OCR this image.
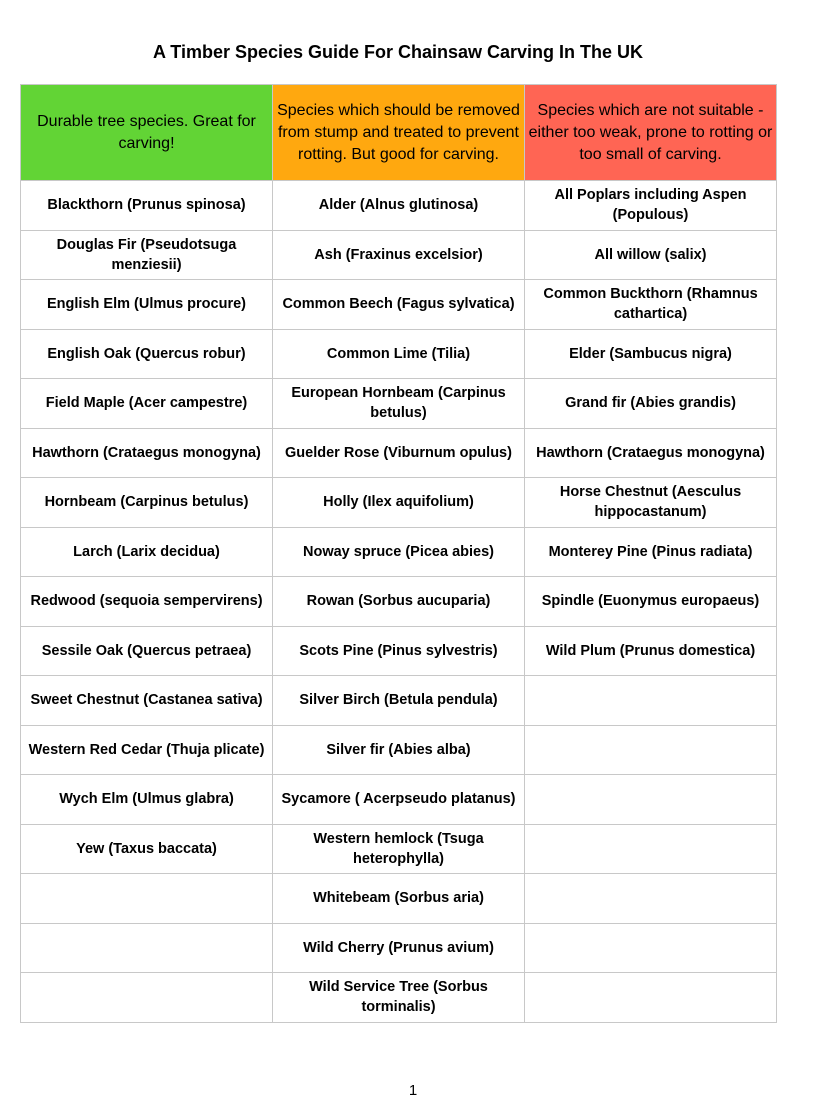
A Timber Species Guide For Chainsaw Carving In The UK
Durable tree species. Great for carving!	Species which should be removed from stump and treated to prevent rotting. But good for carving.	Species which are not suitable - either too weak, prone to rotting or too small of carving.
Blackthorn (Prunus spinosa)	Alder (Alnus glutinosa)	All Poplars including Aspen (Populous)
Douglas Fir (Pseudotsuga menziesii)	Ash (Fraxinus excelsior)	All willow (salix)
English Elm (Ulmus procure)	Common Beech (Fagus sylvatica)	Common Buckthorn (Rhamnus cathartica)
English Oak (Quercus robur)	Common Lime (Tilia)	Elder (Sambucus nigra)
Field Maple (Acer campestre)	European Hornbeam (Carpinus betulus)	Grand fir (Abies grandis)
Hawthorn (Crataegus monogyna)	Guelder Rose (Viburnum opulus)	Hawthorn (Crataegus monogyna)
Hornbeam (Carpinus betulus)	Holly (Ilex aquifolium)	Horse Chestnut (Aesculus hippocastanum)
Larch (Larix decidua)	Noway spruce (Picea abies)	Monterey Pine (Pinus radiata)
Redwood (sequoia sempervirens)	Rowan (Sorbus aucuparia)	Spindle (Euonymus europaeus)
Sessile Oak (Quercus petraea)	Scots Pine (Pinus sylvestris)	Wild Plum (Prunus domestica)
Sweet Chestnut (Castanea sativa)	Silver Birch (Betula pendula)	
Western Red Cedar (Thuja plicate)	Silver fir (Abies alba)	
Wych Elm (Ulmus glabra)	Sycamore ( Acerpseudo platanus)	
Yew (Taxus baccata)	Western hemlock (Tsuga heterophylla)	
	Whitebeam (Sorbus aria)	
	Wild Cherry (Prunus avium)	
	Wild Service Tree (Sorbus torminalis)	
1
